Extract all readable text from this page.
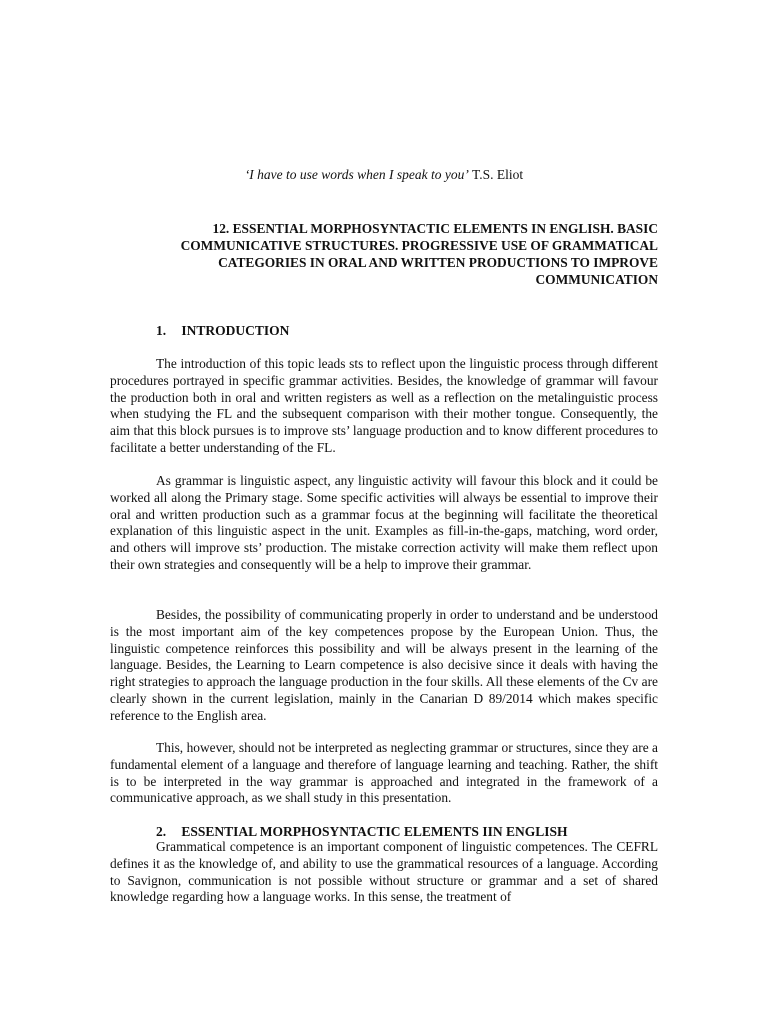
‘I have to use words when I speak to you’ T.S. Eliot
12. ESSENTIAL MORPHOSYNTACTIC ELEMENTS IN ENGLISH. BASIC COMMUNICATIVE STRUCTURES. PROGRESSIVE USE OF GRAMMATICAL CATEGORIES IN ORAL AND WRITTEN PRODUCTIONS TO IMPROVE COMMUNICATION
1. INTRODUCTION

The introduction of this topic leads sts to reflect upon the linguistic process through different procedures portrayed in specific grammar activities. Besides, the knowledge of grammar will favour the production both in oral and written registers as well as a reflection on the metalinguistic process when studying the FL and the subsequent comparison with their mother tongue. Consequently, the aim that this block pursues is to improve sts’ language production and to know different procedures to facilitate a better understanding of the FL.

As grammar is linguistic aspect, any linguistic activity will favour this block and it could be worked all along the Primary stage. Some specific activities will always be essential to improve their oral and written production such as a grammar focus at the beginning will facilitate the theoretical explanation of this linguistic aspect in the unit. Examples as fill-in-the-gaps, matching, word order, and others will improve sts’ production. The mistake correction activity will make them reflect upon their own strategies and consequently will be a help to improve their grammar.

Besides, the possibility of communicating properly in order to understand and be understood is the most important aim of the key competences propose by the European Union. Thus, the linguistic competence reinforces this possibility and will be always present in the learning of the language. Besides, the Learning to Learn competence is also decisive since it deals with having the right strategies to approach the language production in the four skills. All these elements of the Cv are clearly shown in the current legislation, mainly in the Canarian D 89/2014 which makes specific reference to the English area.

This, however, should not be interpreted as neglecting grammar or structures, since they are a fundamental element of a language and therefore of language learning and teaching. Rather, the shift is to be interpreted in the way grammar is approached and integrated in the framework of a communicative approach, as we shall study in this presentation.

2. ESSENTIAL MORPHOSYNTACTIC ELEMENTS IIN ENGLISH

Grammatical competence is an important component of linguistic competences. The CEFRL defines it as the knowledge of, and ability to use the grammatical resources of a language. According to Savignon, communication is not possible without structure or grammar and a set of shared knowledge regarding how a language works. In this sense, the treatment of
